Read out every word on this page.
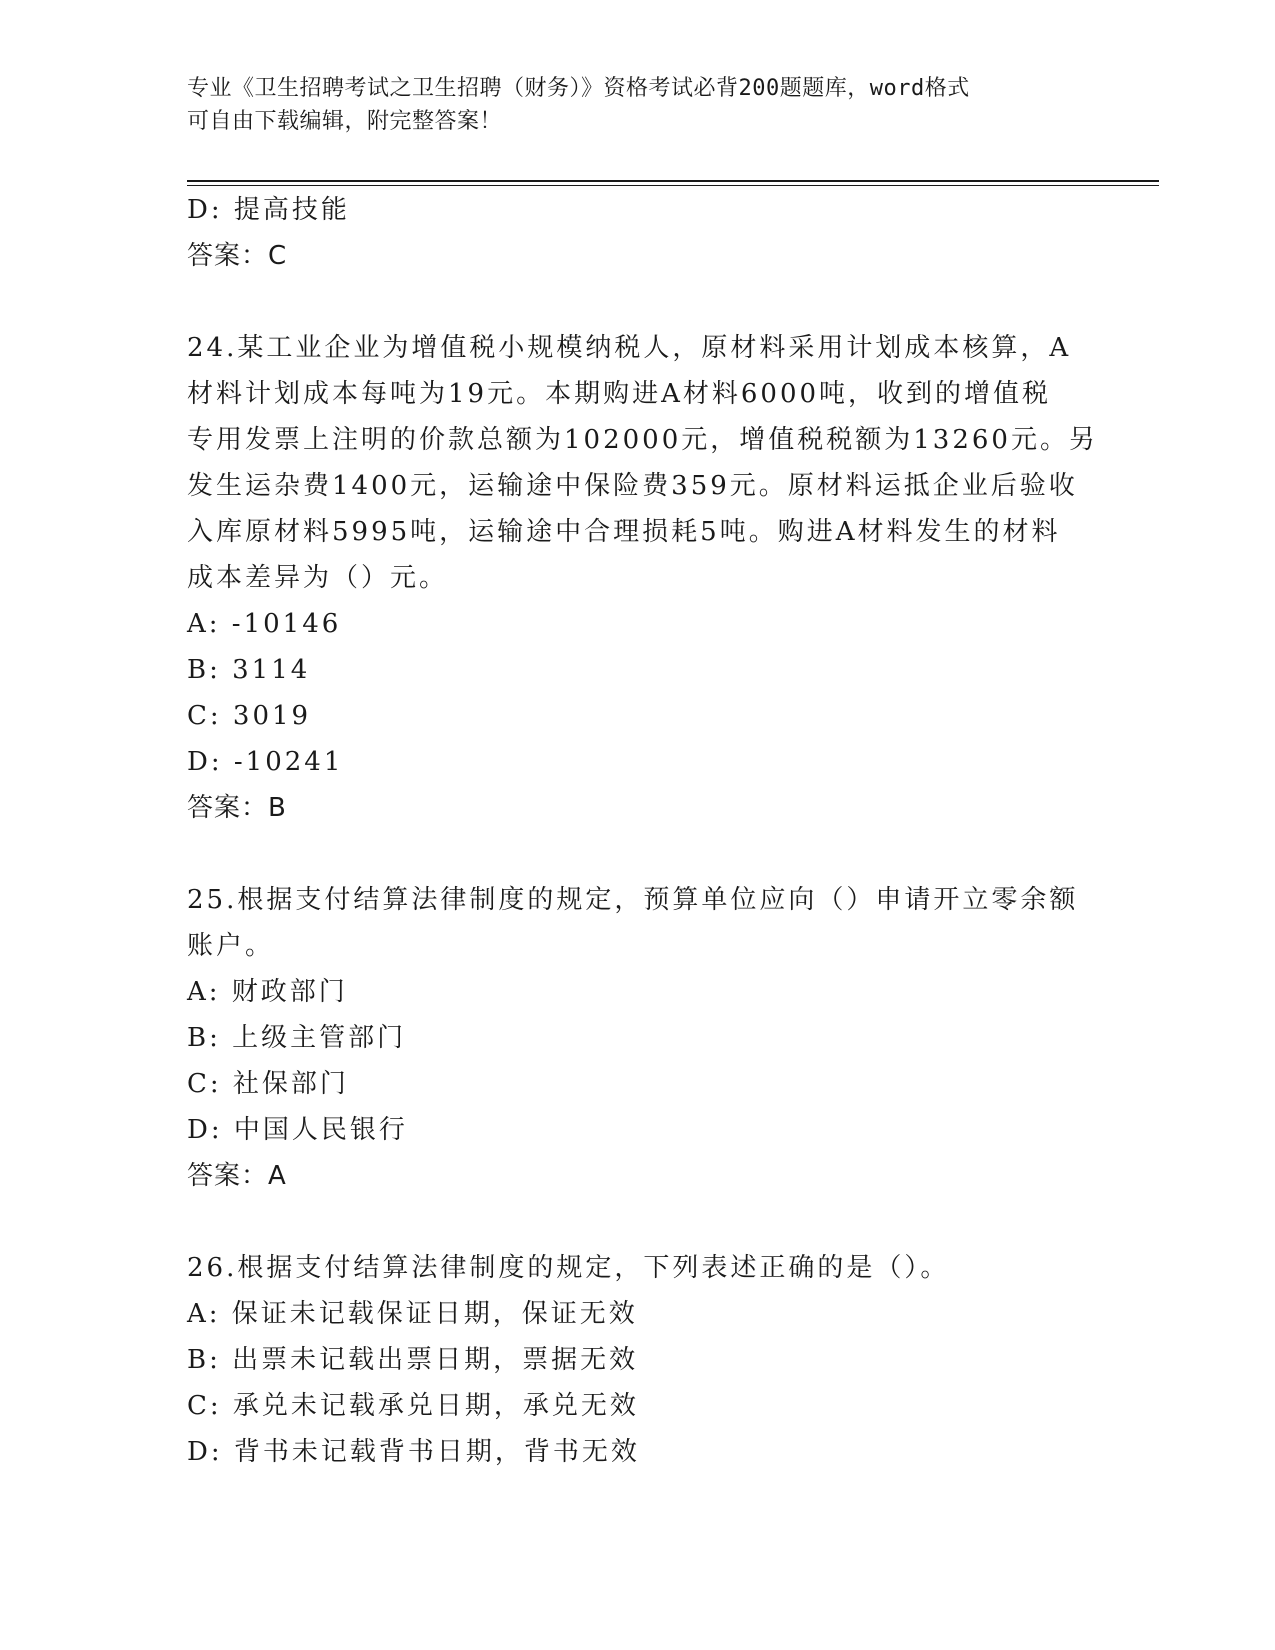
专业《卫生招聘考试之卫生招聘（财务）》资格考试必背200题题库，word格式
可自由下载编辑，附完整答案！
D: 提高技能
答案：C
24.某工业企业为增值税小规模纳税人，原材料采用计划成本核算，A
材料计划成本每吨为19元。本期购进A材料6000吨，收到的增值税
专用发票上注明的价款总额为102000元，增值税税额为13260元。另
发生运杂费1400元，运输途中保险费359元。原材料运抵企业后验收
入库原材料5995吨，运输途中合理损耗5吨。购进A材料发生的材料
成本差异为（）元。
A: -10146
B: 3114
C: 3019
D: -10241
答案：B
25.根据支付结算法律制度的规定，预算单位应向（）申请开立零余额
账户。
A: 财政部门
B: 上级主管部门
C: 社保部门
D: 中国人民银行
答案：A
26.根据支付结算法律制度的规定，下列表述正确的是（）。
A: 保证未记载保证日期，保证无效
B: 出票未记载出票日期，票据无效
C: 承兑未记载承兑日期，承兑无效
D: 背书未记载背书日期，背书无效
